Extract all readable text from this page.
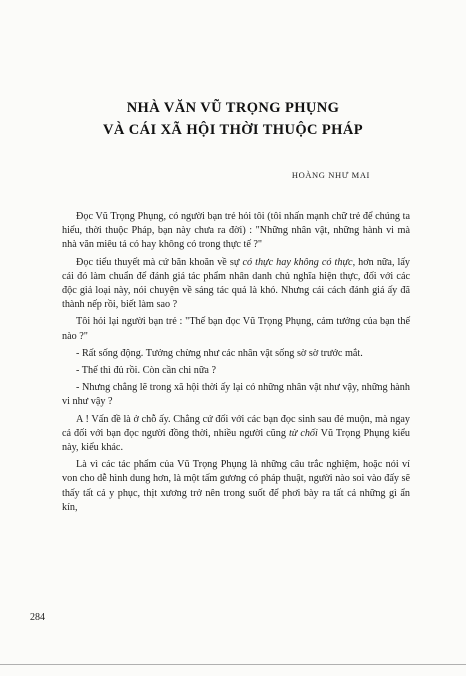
NHÀ VĂN VŨ TRỌNG PHỤNG
VÀ CÁI XÃ HỘI THỜI THUỘC PHÁP
HOÀNG NHƯ MAI

Đọc Vũ Trọng Phụng, có người bạn trẻ hỏi tôi (tôi nhấn mạnh chữ trẻ để chúng ta hiểu, thời thuộc Pháp, bạn này chưa ra đời) : "Những nhân vật, những hành vi mà nhà văn miêu tả có hay không có trong thực tế ?"

Đọc tiểu thuyết mà cứ băn khoăn về sự có thực hay không có thực, hơn nữa, lấy cái đó làm chuẩn để đánh giá tác phẩm nhân danh chủ nghĩa hiện thực, đối với các độc giả loại này, nói chuyện về sáng tác quả là khó. Nhưng cái cách đánh giá ấy đã thành nếp rồi, biết làm sao ?

Tôi hỏi lại người bạn trẻ : "Thế bạn đọc Vũ Trọng Phụng, cảm tưởng của bạn thế nào ?"

- Rất sống động. Tưởng chừng như các nhân vật sống sờ sờ trước mắt.

- Thế thì đủ rồi. Còn cần chi nữa ?

- Nhưng chẳng lẽ trong xã hội thời ấy lại có những nhân vật như vậy, những hành vi như vậy ?

A ! Vấn đề là ở chỗ ấy. Chẳng cứ đối với các bạn đọc sinh sau đẻ muộn, mà ngay cả đối với bạn đọc người đồng thời, nhiều người cũng từ chối Vũ Trọng Phụng kiểu này, kiểu khác.

Là vì các tác phẩm của Vũ Trọng Phụng là những câu trắc nghiệm, hoặc nói ví von cho dễ hình dung hơn, là một tấm gương có pháp thuật, người nào soi vào đấy sẽ thấy tất cả y phục, thịt xương trở nên trong suốt để phơi bày ra tất cả những gì ẩn kín,

284
